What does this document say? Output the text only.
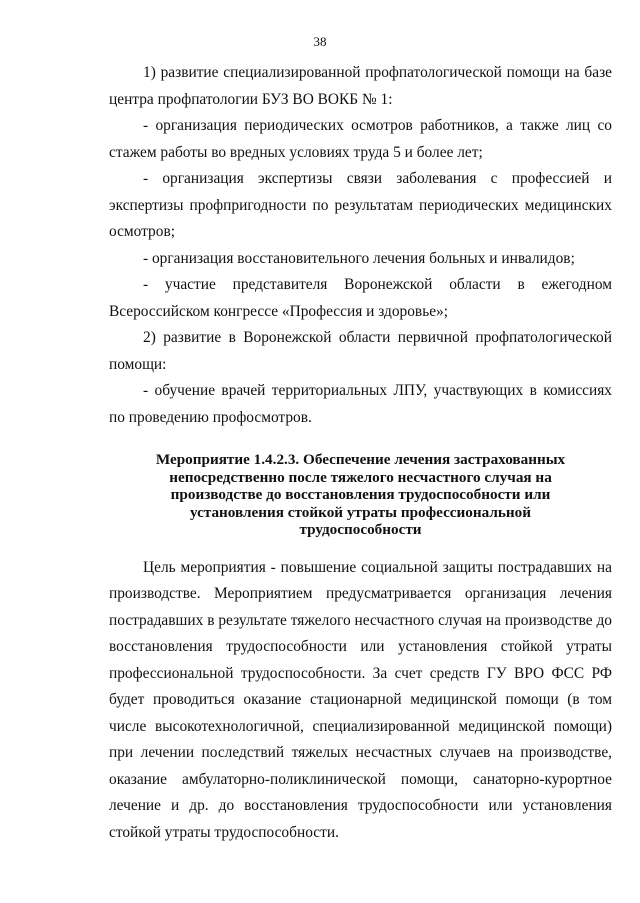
38

1) развитие специализированной профпатологической помощи на базе центра профпатологии БУЗ ВО ВОКБ № 1:

- организация периодических осмотров работников, а также лиц со стажем работы во вредных условиях труда 5 и более лет;

- организация экспертизы связи заболевания с профессией и экспертизы профпригодности по результатам периодических медицинских осмотров;

- организация восстановительного лечения больных и инвалидов;

- участие представителя Воронежской области в ежегодном Всероссийском конгрессе «Профессия и здоровье»;

2) развитие в Воронежской области первичной профпатологической помощи:

- обучение врачей территориальных ЛПУ, участвующих в комиссиях по проведению профосмотров.

Мероприятие 1.4.2.3. Обеспечение лечения застрахованных непосредственно после тяжелого несчастного случая на производстве до восстановления трудоспособности или установления стойкой утраты профессиональной трудоспособности

Цель мероприятия - повышение социальной защиты пострадавших на производстве. Мероприятием предусматривается организация лечения пострадавших в результате тяжелого несчастного случая на производстве до восстановления трудоспособности или установления стойкой утраты профессиональной трудоспособности. За счет средств ГУ ВРО ФСС РФ будет проводиться оказание стационарной медицинской помощи (в том числе высокотехнологичной, специализированной медицинской помощи) при лечении последствий тяжелых несчастных случаев на производстве, оказание амбулаторно-поликлинической помощи, санаторно-курортное лечение и др. до восстановления трудоспособности или установления стойкой утраты трудоспособности.
